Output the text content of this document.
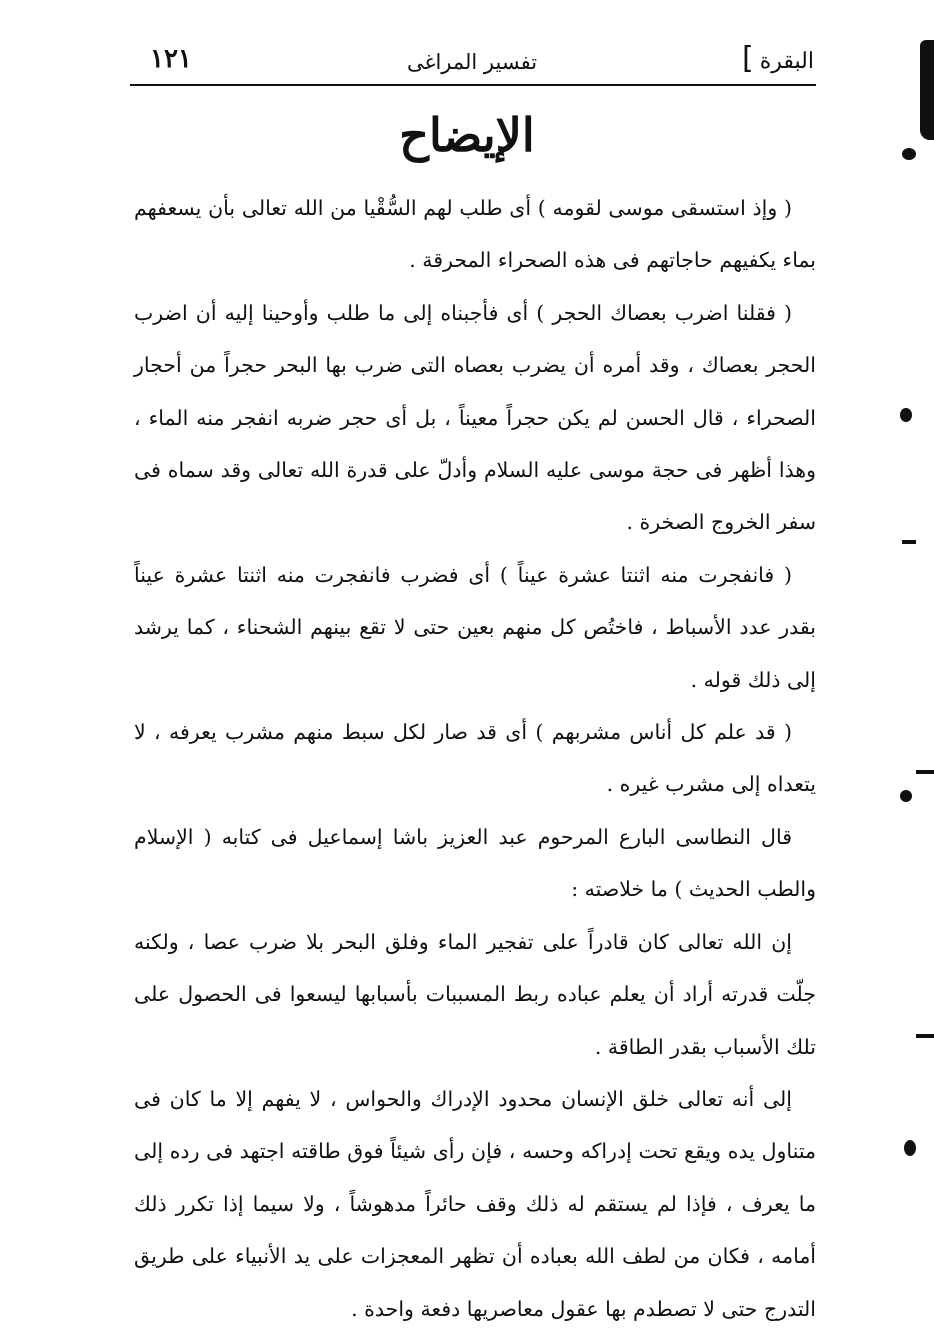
البقرة
]
تفسير المراغى
١٢١
الإيضاح

( وإذ استسقى موسى لقومه ) أى طلب لهم السُّقْيا من الله تعالى بأن يسعفهم بماء يكفيهم حاجاتهم فى هذه الصحراء المحرقة .

( فقلنا اضرب بعصاك الحجر ) أى فأجبناه إلى ما طلب وأوحينا إليه أن اضرب الحجر بعصاك ، وقد أمره أن يضرب بعصاه التى ضرب بها البحر حجراً من أحجار الصحراء ، قال الحسن لم يكن حجراً معيناً ، بل أى حجر ضربه انفجر منه الماء ، وهذا أظهر فى حجة موسى عليه السلام وأدلّ على قدرة الله تعالى وقد سماه فى سفر الخروج الصخرة .

( فانفجرت منه اثنتا عشرة عيناً ) أى فضرب فانفجرت منه اثنتا عشرة عيناً بقدر عدد الأسباط ، فاختُص كل منهم بعين حتى لا تقع بينهم الشحناء ، كما يرشد إلى ذلك قوله .

( قد علم كل أناس مشربهم ) أى قد صار لكل سبط منهم مشرب يعرفه ، لا يتعداه إلى مشرب غيره .

قال النطاسى البارع المرحوم عبد العزيز باشا إسماعيل فى كتابه ( الإسلام والطب الحديث ) ما خلاصته :

إن الله تعالى كان قادراً على تفجير الماء وفلق البحر بلا ضرب عصا ، ولكنه جلّت قدرته أراد أن يعلم عباده ربط المسببات بأسبابها ليسعوا فى الحصول على تلك الأسباب بقدر الطاقة .

إلى أنه تعالى خلق الإنسان محدود الإدراك والحواس ، لا يفهم إلا ما كان فى متناول يده ويقع تحت إدراكه وحسه ، فإن رأى شيئاً فوق طاقته اجتهد فى رده إلى ما يعرف ، فإذا لم يستقم له ذلك وقف حائراً مدهوشاً ، ولا سيما إذا تكرر ذلك أمامه ، فكان من لطف الله بعباده أن تظهر المعجزات على يد الأنبياء على طريق التدرج حتى لا تصطدم بها عقول معاصريها دفعة واحدة .
